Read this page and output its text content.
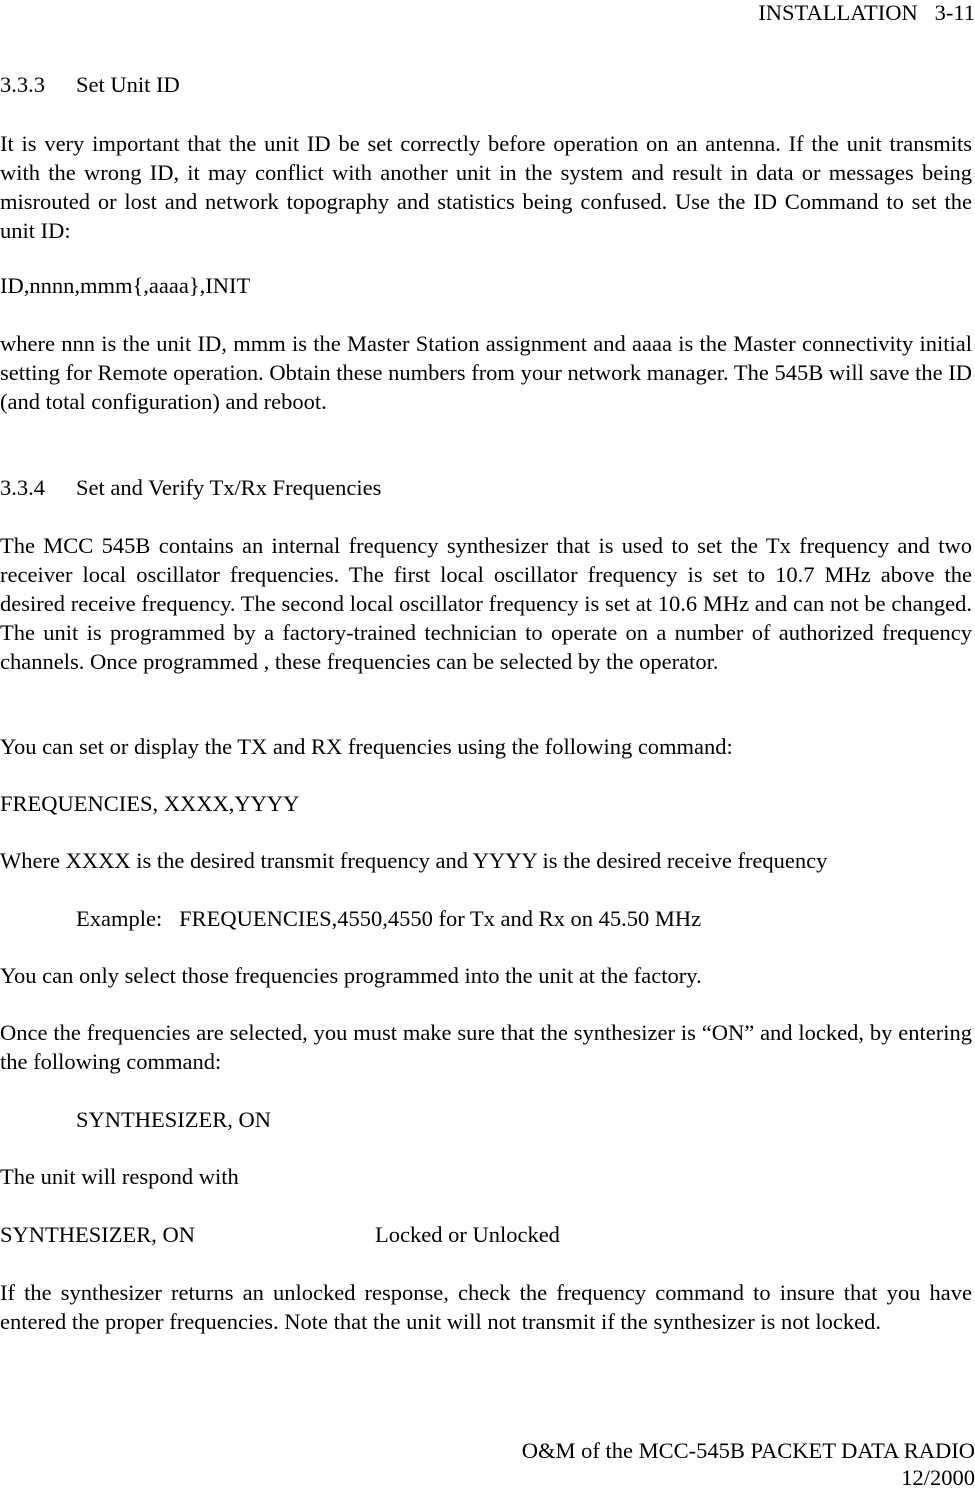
INSTALLATION   3-11
3.3.3 Set Unit ID
It is very important that the unit ID be set correctly before operation on an antenna. If the unit transmits with the wrong ID, it may conflict with another unit in the system and result in data or messages being misrouted or lost and network topography and statistics being confused. Use the ID Command to set the unit ID:
ID,nnnn,mmm{,aaaa},INIT
where nnn is the unit ID, mmm is the Master Station assignment and aaaa is the Master connectivity initial setting for Remote operation. Obtain these numbers from your network manager. The 545B will save the ID (and total configuration) and reboot.
3.3.4 Set and Verify Tx/Rx Frequencies
The MCC 545B contains an internal frequency synthesizer that is used to set the Tx frequency and two receiver local oscillator frequencies. The first local oscillator frequency is set to 10.7 MHz above the desired receive frequency. The second local oscillator frequency is set at 10.6 MHz and can not be changed. The unit is programmed by a factory-trained technician to operate on a number of authorized frequency channels. Once programmed , these frequencies can be selected by the operator.
You can set or display the TX and RX frequencies using the following command:
FREQUENCIES, XXXX,YYYY
Where XXXX is the desired transmit frequency and YYYY is the desired receive frequency
Example:   FREQUENCIES,4550,4550 for Tx and Rx on 45.50 MHz
You can only select those frequencies programmed into the unit at the factory.
Once the frequencies are selected, you must make sure that the synthesizer is “ON” and locked, by entering the following command:
SYNTHESIZER, ON
The unit will respond with
SYNTHESIZER, ON	Locked or Unlocked
If the synthesizer returns an unlocked response, check the frequency command to insure that you have entered the proper frequencies. Note that the unit will not transmit if the synthesizer is not locked.
O&M of the MCC-545B PACKET DATA RADIO
12/2000
